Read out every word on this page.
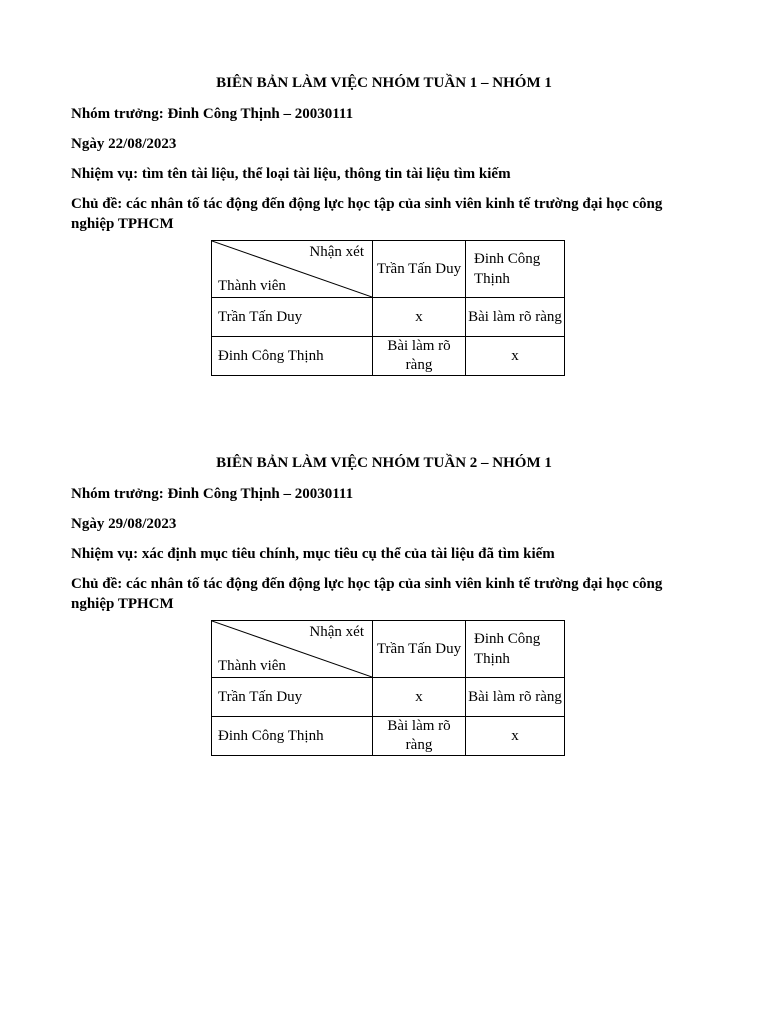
BIÊN BẢN LÀM VIỆC NHÓM TUẦN 1 – NHÓM 1
Nhóm trưởng: Đinh Công Thịnh – 20030111
Ngày 22/08/2023
Nhiệm vụ: tìm tên tài liệu, thể loại tài liệu, thông tin tài liệu tìm kiếm
Chủ đề: các nhân tố tác động đến động lực học tập của sinh viên kinh tế trường đại học công nghiệp TPHCM
Nhận xét
Thành viên	Trần Tấn Duy	Đinh Công Thịnh
Trần Tấn Duy	x	Bài làm rõ ràng
Đinh Công Thịnh	Bài làm rõ ràng	x
BIÊN BẢN LÀM VIỆC NHÓM TUẦN 2 – NHÓM 1
Nhóm trưởng: Đinh Công Thịnh – 20030111
Ngày 29/08/2023
Nhiệm vụ: xác định mục tiêu chính, mục tiêu cụ thể của tài liệu đã tìm kiếm
Chủ đề: các nhân tố tác động đến động lực học tập của sinh viên kinh tế trường đại học công nghiệp TPHCM
Nhận xét
Thành viên	Trần Tấn Duy	Đinh Công Thịnh
Trần Tấn Duy	x	Bài làm rõ ràng
Đinh Công Thịnh	Bài làm rõ ràng	x
